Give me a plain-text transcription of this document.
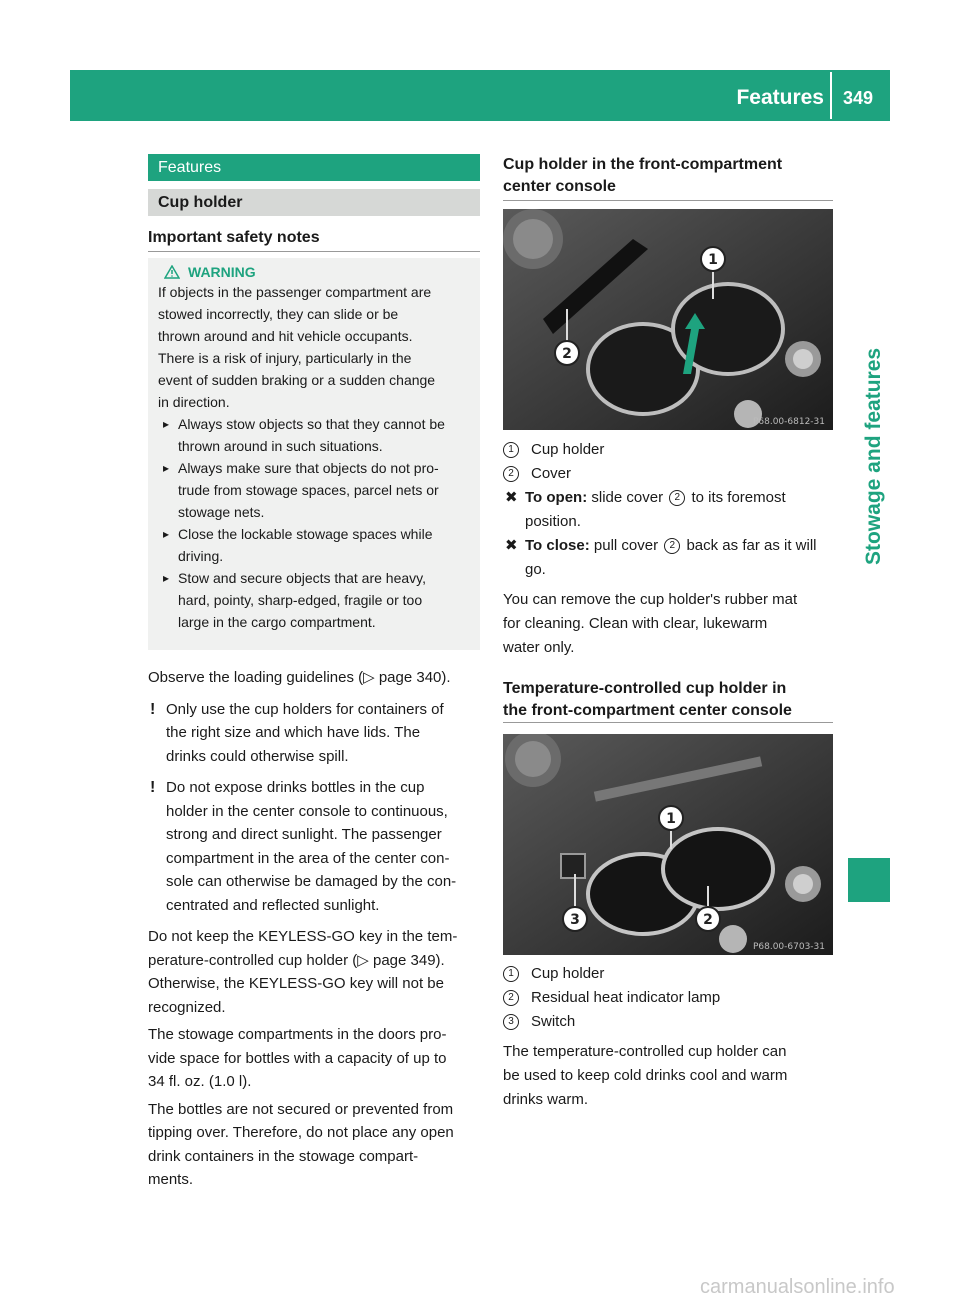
Features 349
Stowage and features
Features
Cup holder
Important safety notes
WARNING
If objects in the passenger compartment are
stowed incorrectly, they can slide or be
thrown around and hit vehicle occupants.
There is a risk of injury, particularly in the
event of sudden braking or a sudden change
in direction.
▸ Always stow objects so that they cannot be
thrown around in such situations.
▸ Always make sure that objects do not pro-
trude from stowage spaces, parcel nets or
stowage nets.
▸ Close the lockable stowage spaces while
driving.
▸ Stow and secure objects that are heavy,
hard, pointy, sharp-edged, fragile or too
large in the cargo compartment.
Observe the loading guidelines (▷ page 340).
! Only use the cup holders for containers of
the right size and which have lids. The
drinks could otherwise spill.
! Do not expose drinks bottles in the cup
holder in the center console to continuous,
strong and direct sunlight. The passenger
compartment in the area of the center con-
sole can otherwise be damaged by the con-
centrated and reflected sunlight.
Do not keep the KEYLESS-GO key in the tem-
perature-controlled cup holder (▷ page 349).
Otherwise, the KEYLESS-GO key will not be
recognized.
The stowage compartments in the doors pro-
vide space for bottles with a capacity of up to
34 fl. oz. (1.0 l).
The bottles are not secured or prevented from
tipping over. Therefore, do not place any open
drink containers in the stowage compart-
ments.
Cup holder in the front-compartment
center console
1
2
P68.00-6812-31
1 Cup holder
2 Cover
✖ To open: slide cover 2 to its foremost
position.
✖ To close: pull cover 2 back as far as it will
go.
You can remove the cup holder's rubber mat
for cleaning. Clean with clear, lukewarm
water only.
Temperature-controlled cup holder in
the front-compartment center console
1
2
3
P68.00-6703-31
1 Cup holder
2 Residual heat indicator lamp
3 Switch
The temperature-controlled cup holder can
be used to keep cold drinks cool and warm
drinks warm.
carmanualsonline.info
